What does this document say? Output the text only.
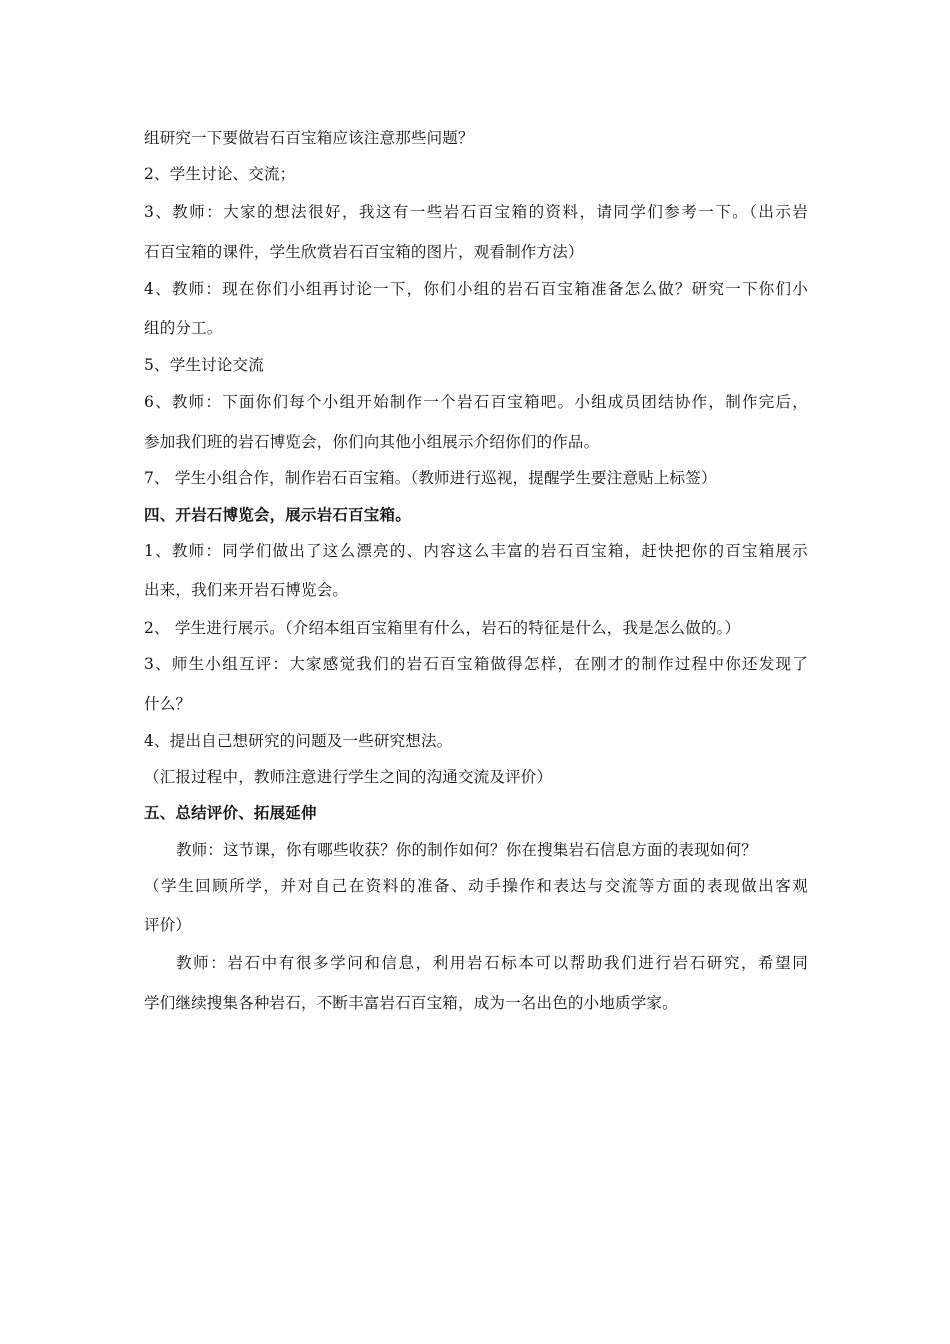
组研究一下要做岩石百宝箱应该注意那些问题？
2、学生讨论、交流；
3、教师：大家的想法很好，我这有一些岩石百宝箱的资料，请同学们参考一下。（出示岩
石百宝箱的课件，学生欣赏岩石百宝箱的图片，观看制作方法）
4、教师：现在你们小组再讨论一下，你们小组的岩石百宝箱准备怎么做？研究一下你们小
组的分工。
5、学生讨论交流
6、教师：下面你们每个小组开始制作一个岩石百宝箱吧。小组成员团结协作，制作完后，
参加我们班的岩石博览会，你们向其他小组展示介绍你们的作品。
7、 学生小组合作，制作岩石百宝箱。（教师进行巡视，提醒学生要注意贴上标签）
四、开岩石博览会，展示岩石百宝箱。
1、教师：同学们做出了这么漂亮的、内容这么丰富的岩石百宝箱，赶快把你的百宝箱展示
出来，我们来开岩石博览会。
2、 学生进行展示。（介绍本组百宝箱里有什么，岩石的特征是什么，我是怎么做的。）
3、师生小组互评：大家感觉我们的岩石百宝箱做得怎样，在刚才的制作过程中你还发现了
什么？
4、提出自己想研究的问题及一些研究想法。
（汇报过程中，教师注意进行学生之间的沟通交流及评价）
五、总结评价、拓展延伸
教师：这节课，你有哪些收获？你的制作如何？你在搜集岩石信息方面的表现如何？
（学生回顾所学，并对自己在资料的准备、动手操作和表达与交流等方面的表现做出客观
评价）
教师：岩石中有很多学问和信息，利用岩石标本可以帮助我们进行岩石研究，希望同
学们继续搜集各种岩石，不断丰富岩石百宝箱，成为一名出色的小地质学家。
